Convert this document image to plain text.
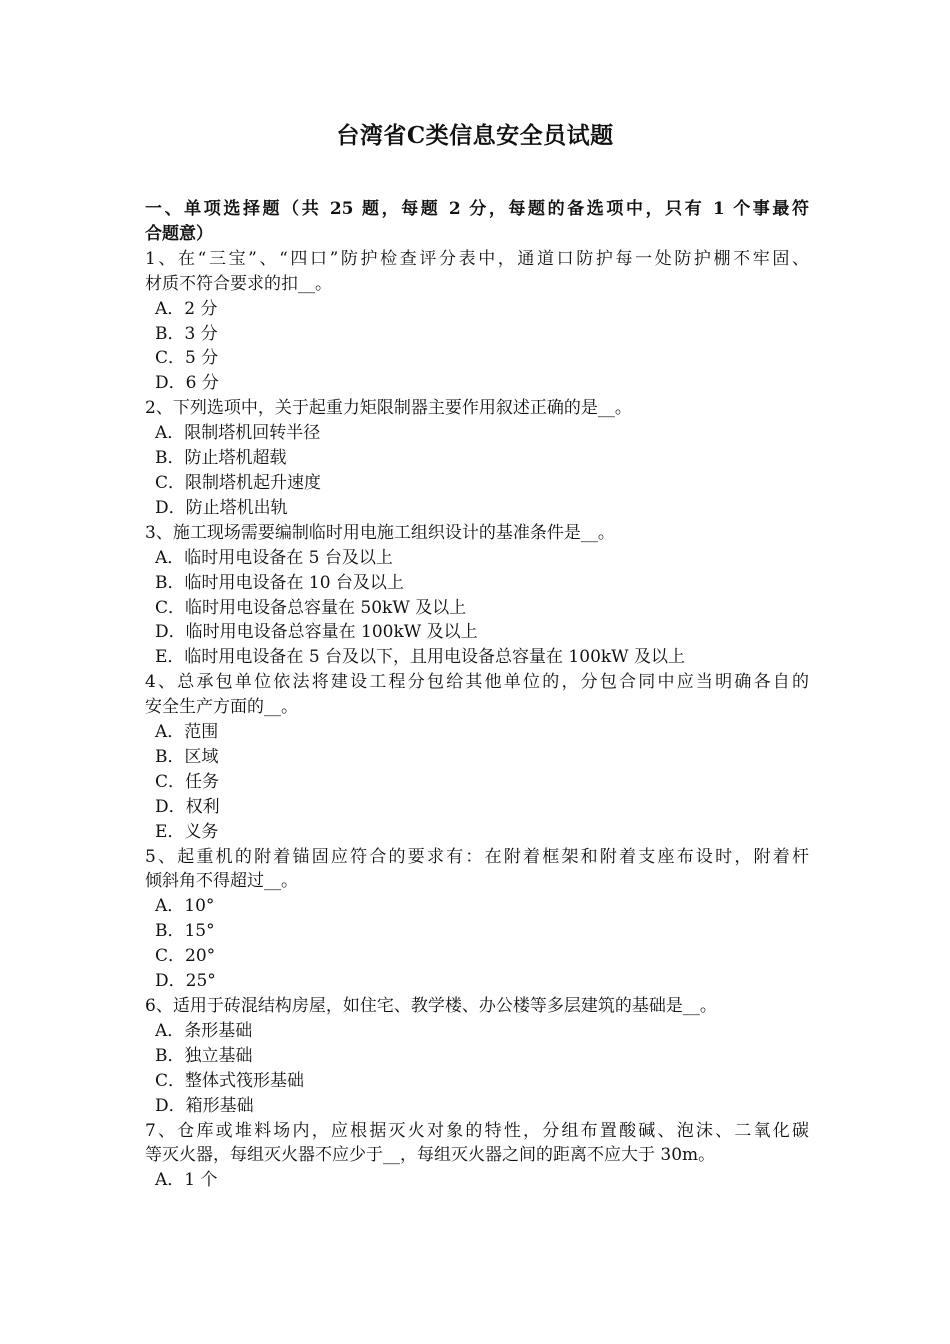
台湾省C类信息安全员试题
一、单项选择题（共 25 题，每题 2 分，每题的备选项中，只有 1 个事最符
合题意）
1、在“三宝”、“四口”防护检查评分表中，通道口防护每一处防护棚不牢固、
材质不符合要求的扣__。
A．2 分
B．3 分
C．5 分
D．6 分
2、下列选项中，关于起重力矩限制器主要作用叙述正确的是__。
A．限制塔机回转半径
B．防止塔机超载
C．限制塔机起升速度
D．防止塔机出轨
3、施工现场需要编制临时用电施工组织设计的基准条件是__。
A．临时用电设备在 5 台及以上
B．临时用电设备在 10 台及以上
C．临时用电设备总容量在 50kW 及以上
D．临时用电设备总容量在 100kW 及以上
E．临时用电设备在 5 台及以下，且用电设备总容量在 100kW 及以上
4、总承包单位依法将建设工程分包给其他单位的，分包合同中应当明确各自的
安全生产方面的__。
A．范围
B．区域
C．任务
D．权利
E．义务
5、起重机的附着锚固应符合的要求有：在附着框架和附着支座布设时，附着杆
倾斜角不得超过__。
A．10°
B．15°
C．20°
D．25°
6、适用于砖混结构房屋，如住宅、教学楼、办公楼等多层建筑的基础是__。
A．条形基础
B．独立基础
C．整体式筏形基础
D．箱形基础
7、仓库或堆料场内，应根据灭火对象的特性，分组布置酸碱、泡沫、二氧化碳
等灭火器，每组灭火器不应少于__，每组灭火器之间的距离不应大于 30m。
A．1 个
